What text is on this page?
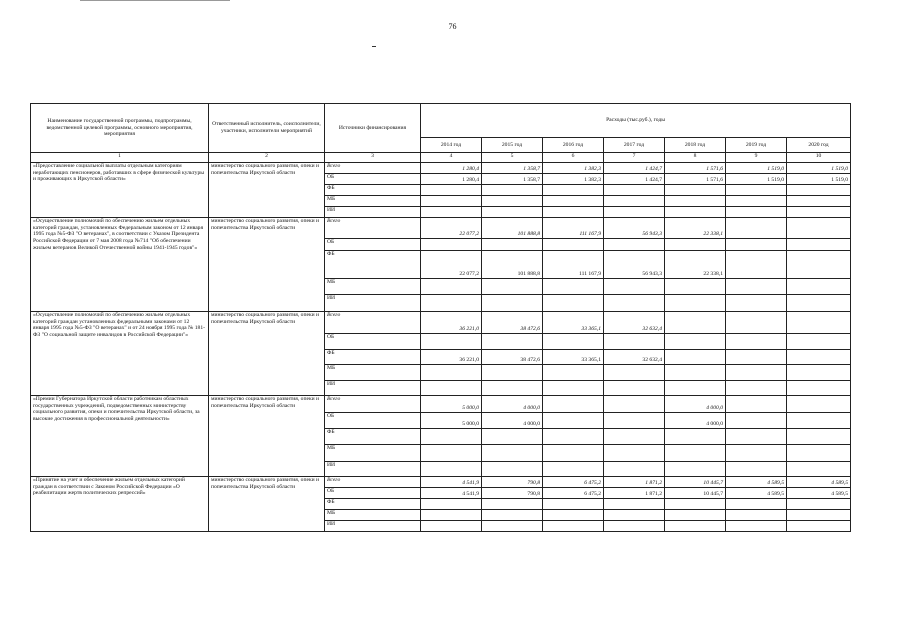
76
Наименование государственной программы, подпрограммы, ведомственной целевой программы, основного мероприятия, мероприятия	Ответственный исполнитель, соисполнители, участники, исполнители мероприятий	Источники финансирования	Расходы (тыс.руб.), годы						
			2014 год	2015 год	2016 год	2017 год	2018 год	2019 год	2020 год
1	2	3	4	5	6	7	8	9	10
«Предоставление социальной выплаты отдельным категориям неработающих пенсионеров, работавших в сфере физической культуры и проживающих в Иркутской области»	министерство социального развития, опеки и попечительства Иркутской области	Всего	1 280,4	1 358,7	1 382,3	1 424,7	1 571,6	1 519,0	1 519,0
		ОБ	1 280,4	1 358,7	1 382,3	1 424,7	1 571,6	1 519,0	1 519,0
		ФБ							
		МБ							
		ИИ							
«Осуществление полномочий по обеспечению жильем отдельных категорий граждан, установленных Федеральным законом от 12 января 1995 года №5-ФЗ "О ветеранах", в соответствии с Указом Президента Российской Федерации от 7 мая 2008 года №714 "Об обеспечении жильем ветеранов Великой Отечественной войны 1941-1945 годов"»	министерство социального развития, опеки и попечительства Иркутской области	Всего	22 077,2	101 888,8	111 167,9	56 943,3	22 338,1		
		ОБ							
		ФБ	22 077,2	101 888,8	111 167,9	56 943,3	22 338,1		
		МБ							
		ИИ							
«Осуществление полномочий по обеспечению жильем отдельных категорий граждан установленных федеральными законами от 12 января 1995 года №5-ФЗ "О ветеранах" и от 24 ноября 1995 года № 181-ФЗ "О социальной защите инвалидов в Российской Федерации"»	министерство социального развития, опеки и попечительства Иркутской области	Всего	36 221,0	38 472,6	33 365,1	32 632,4			
		ОБ							
		ФБ	36 221,0	38 472,6	33 365,1	32 632,4			
		МБ							
		ИИ							
«Премии Губернатора Иркутской области работникам областных государственных учреждений, подведомственных министерству социального развития, опеки и попечительства Иркутской области, за высокие достижения в профессиональной деятельности»	министерство социального развития, опеки и попечительства Иркутской области	Всего	5 000,0	4 000,0			4 000,0		
		ОБ	5 000,0	4 000,0			4 000,0		
		ФБ							
		МБ							
		ИИ							
«Принятие на учет и обеспечение жильем отдельных категорий граждан в соответствии с Законом Российской Федерации «О реабилитации жертв политических репрессий»	министерство социального развития, опеки и попечительства Иркутской области	Всего	4 541,9	790,8	6 475,2	1 871,2	10 445,7	4 589,5	4 589,5
		ОБ	4 541,9	790,8	6 475,2	1 871,2	10 445,7	4 589,5	4 589,5
		ФБ							
		МБ							
		ИИ							
